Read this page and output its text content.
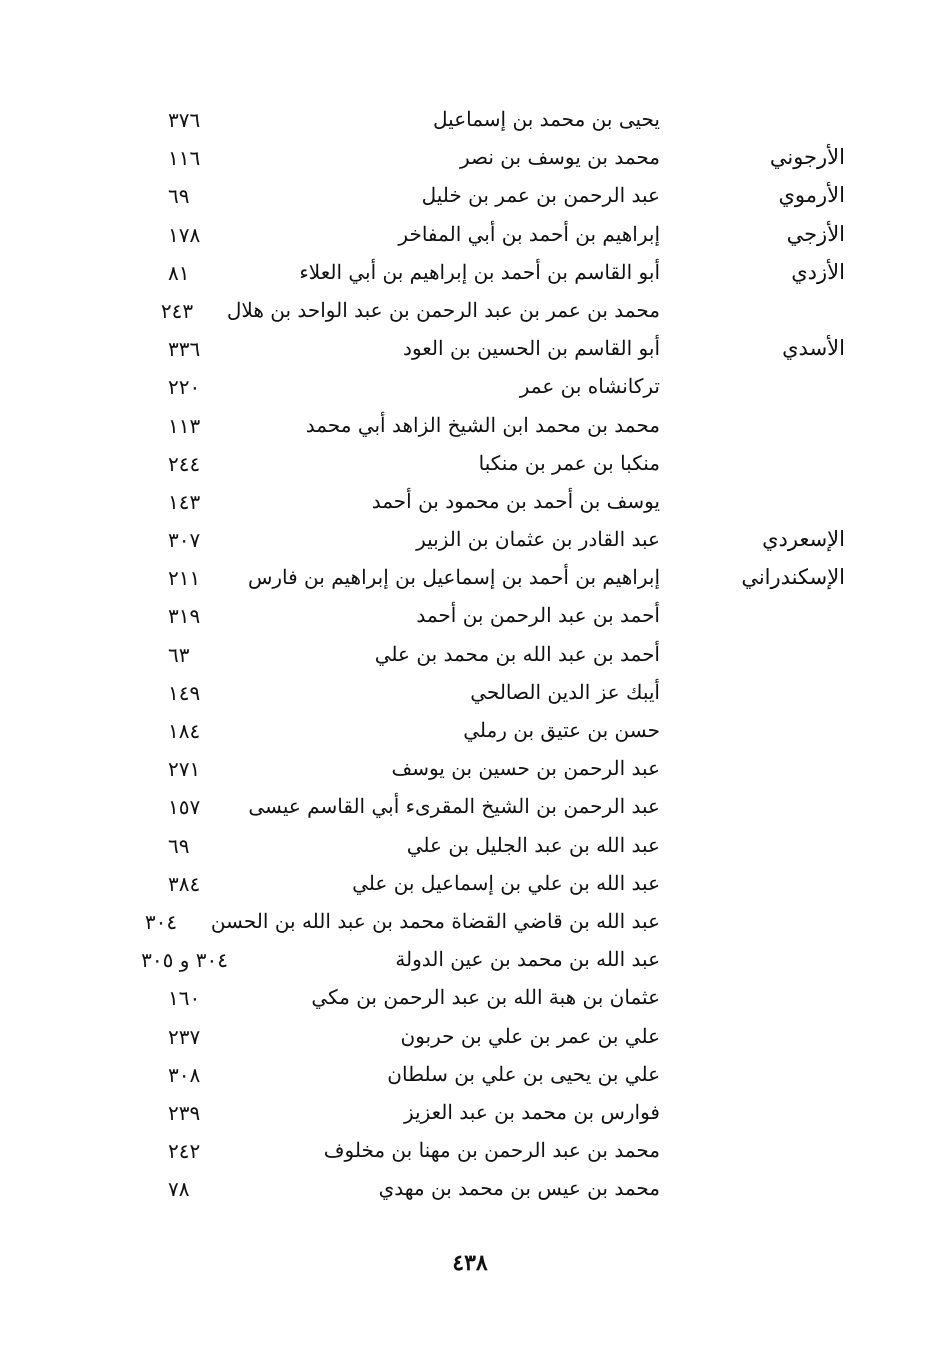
يحيى بن محمد بن إسماعيل
٣٧٦
الأرجوني
محمد بن يوسف بن نصر
١١٦
الأرموي
عبد الرحمن بن عمر بن خليل
٦٩
الأزجي
إبراهيم بن أحمد بن أبي المفاخر
١٧٨
الأزدي
أبو القاسم بن أحمد بن إبراهيم بن أبي العلاء
٨١
محمد بن عمر بن عبد الرحمن بن عبد الواحد بن هلال
٢٤٣
الأسدي
أبو القاسم بن الحسين بن العود
٣٣٦
تركانشاه بن عمر
٢٢٠
محمد بن محمد ابن الشيخ الزاهد أبي محمد
١١٣
منكبا بن عمر بن منكبا
٢٤٤
يوسف بن أحمد بن محمود بن أحمد
١٤٣
الإسعردي
عبد القادر بن عثمان بن الزبير
٣٠٧
الإسكندراني
إبراهيم بن أحمد بن إسماعيل بن إبراهيم بن فارس
٢١١
أحمد بن عبد الرحمن بن أحمد
٣١٩
أحمد بن عبد الله بن محمد بن علي
٦٣
أيبك عز الدين الصالحي
١٤٩
حسن بن عتيق بن رملي
١٨٤
عبد الرحمن بن حسين بن يوسف
٢٧١
عبد الرحمن بن الشيخ المقرىء أبي القاسم عيسى
١٥٧
عبد الله بن عبد الجليل بن علي
٦٩
عبد الله بن علي بن إسماعيل بن علي
٣٨٤
عبد الله بن قاضي القضاة محمد بن عبد الله بن الحسن
٣٠٤
عبد الله بن محمد بن عين الدولة
٣٠٤ و ٣٠٥
عثمان بن هبة الله بن عبد الرحمن بن مكي
١٦٠
علي بن عمر بن علي بن حربون
٢٣٧
علي بن يحيى بن علي بن سلطان
٣٠٨
فوارس بن محمد بن عبد العزيز
٢٣٩
محمد بن عبد الرحمن بن مهنا بن مخلوف
٢٤٢
محمد بن عيس بن محمد بن مهدي
٧٨
٤٣٨
